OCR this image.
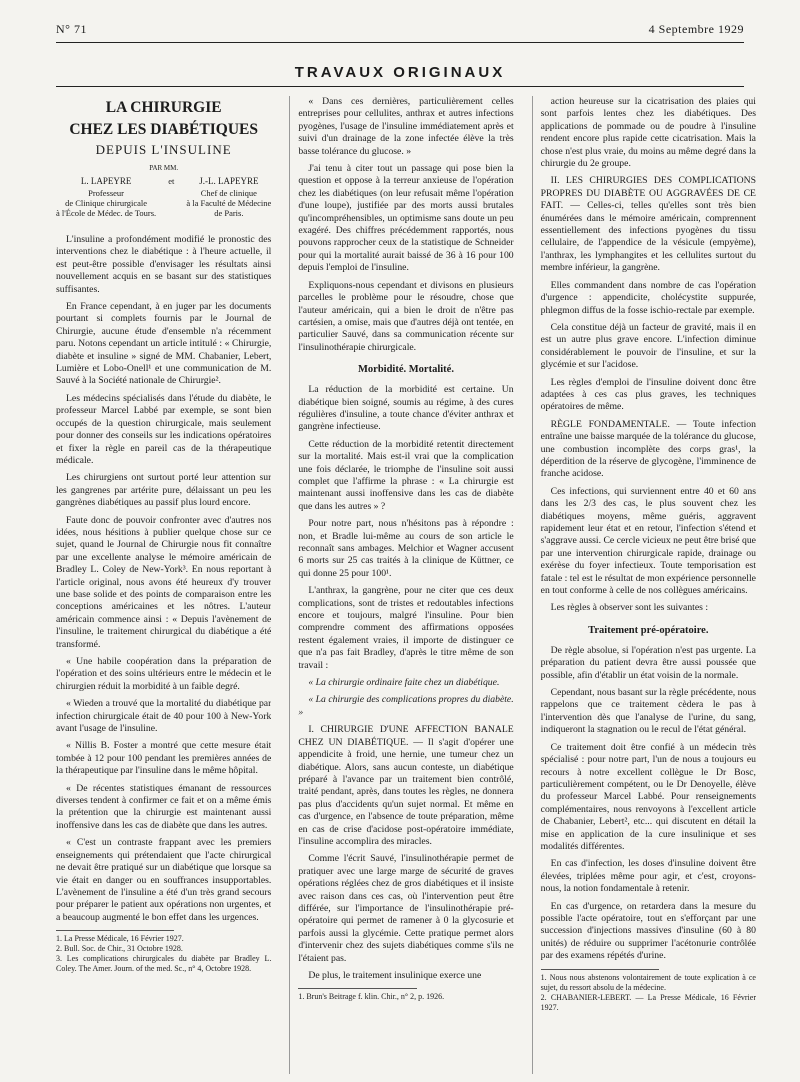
N° 71	4 Septembre 1929
TRAVAUX ORIGINAUX
LA CHIRURGIE
CHEZ LES DIABÉTIQUES
DEPUIS L'INSULINE
PAR MM.
L. LAPEYRE
Professeur
de Clinique chirurgicale
à l'École de Médec. de Tours.
et	J.-L. LAPEYRE
Chef de clinique
à la Faculté de Médecine
de Paris.

L'insuline a profondément modifié le pronostic des interventions chez le diabétique : à l'heure actuelle, il est peut-être possible d'envisager les résultats ainsi nouvellement acquis en se basant sur des statistiques suffisantes.

En France cependant, à en juger par les documents pourtant si complets fournis par le Journal de Chirurgie, aucune étude d'ensemble n'a récemment paru. Notons cependant un article intitulé : « Chirurgie, diabète et insuline » signé de MM. Chabanier, Lebert, Lumière et Lobo-Onell¹ et une communication de M. Sauvé à la Société nationale de Chirurgie².

Les médecins spécialisés dans l'étude du diabète, le professeur Marcel Labbé par exemple, se sont bien occupés de la question chirurgicale, mais seulement pour donner des conseils sur les indications opératoires et fixer la règle en pareil cas de la thérapeutique médicale.

Les chirurgiens ont surtout porté leur attention sur les gangrenes par artérite pure, délaissant un peu les gangrènes diabétiques au passif plus lourd encore.

Faute donc de pouvoir confronter avec d'autres nos idées, nous hésitions à publier quelque chose sur ce sujet, quand le Journal de Chirurgie nous fit connaître par une excellente analyse le mémoire américain de Bradley L. Coley de New-York³. En nous reportant à l'article original, nous avons été heureux d'y trouver une base solide et des points de comparaison entre les conceptions américaines et les nôtres. L'auteur américain commence ainsi : « Depuis l'avènement de l'insuline, le traitement chirurgical du diabétique a été transformé.

« Une habile coopération dans la préparation de l'opération et des soins ultérieurs entre le médecin et le chirurgien réduit la morbidité à un faible degré.

« Wieden a trouvé que la mortalité du diabétique par infection chirurgicale était de 40 pour 100 à New-York avant l'usage de l'insuline.

« Nillis B. Foster a montré que cette mesure était tombée à 12 pour 100 pendant les premières années de la thérapeutique par l'insuline dans le même hôpital.

« De récentes statistiques émanant de ressources diverses tendent à confirmer ce fait et on a même émis la prétention que la chirurgie est maintenant aussi inoffensive dans les cas de diabète que dans les autres.

« C'est un contraste frappant avec les premiers enseignements qui prétendaient que l'acte chirurgical ne devait être pratiqué sur un diabétique que lorsque sa vie était en danger ou en souffrances insupportables. L'avènement de l'insuline a été d'un très grand secours pour préparer le patient aux opérations non urgentes, et a beaucoup augmenté le bon effet dans les urgences.

1. La Presse Médicale, 16 Février 1927.

2. Bull. Soc. de Chir., 31 Octobre 1928.

3. Les complications chirurgicales du diabète par Bradley L. Coley. The Amer. Journ. of the med. Sc., n° 4, Octobre 1928.

« Dans ces dernières, particulièrement celles entreprises pour cellulites, anthrax et autres infections pyogènes, l'usage de l'insuline immédiatement après et suivi d'un drainage de la zone infectée élève la très basse tolérance du glucose. »

J'ai tenu à citer tout un passage qui pose bien la question et oppose à la terreur anxieuse de l'opération chez les diabétiques (on leur refusait même l'opération d'une loupe), justifiée par des morts aussi brutales qu'incompréhensibles, un optimisme sans doute un peu exagéré. Des chiffres précédemment rapportés, nous pouvons rapprocher ceux de la statistique de Schneider pour qui la mortalité aurait baissé de 36 à 16 pour 100 depuis l'emploi de l'insuline.

Expliquons-nous cependant et divisons en plusieurs parcelles le problème pour le résoudre, chose que l'auteur américain, qui a bien le droit de n'être pas cartésien, a omise, mais que d'autres déjà ont tentée, en particulier Sauvé, dans sa communication récente sur l'insulinothérapie chirurgicale.

Morbidité. Mortalité.

La réduction de la morbidité est certaine. Un diabétique bien soigné, soumis au régime, à des cures régulières d'insuline, a toute chance d'éviter anthrax et gangrène infectieuse.

Cette réduction de la morbidité retentit directement sur la mortalité. Mais est-il vrai que la complication une fois déclarée, le triomphe de l'insuline soit aussi complet que l'affirme la phrase : « La chirurgie est maintenant aussi inoffensive dans les cas de diabète que dans les autres » ?

Pour notre part, nous n'hésitons pas à répondre : non, et Bradle lui-même au cours de son article le reconnaît sans ambages. Melchior et Wagner accusent 6 morts sur 25 cas traités à la clinique de Küttner, ce qui donne 25 pour 100¹.

L'anthrax, la gangrène, pour ne citer que ces deux complications, sont de tristes et redoutables infections encore et toujours, malgré l'insuline. Pour bien comprendre comment des affirmations opposées restent également vraies, il importe de distinguer ce que n'a pas fait Bradley, d'après le titre même de son travail :

« La chirurgie ordinaire faite chez un diabétique.

« La chirurgie des complications propres du diabète. »

I. CHIRURGIE D'UNE AFFECTION BANALE CHEZ UN DIABÉTIQUE. — Il s'agit d'opérer une appendicite à froid, une hernie, une tumeur chez un diabétique. Alors, sans aucun conteste, un diabétique préparé à l'avance par un traitement bien contrôlé, traité pendant, après, dans toutes les règles, ne donnera pas plus d'accidents qu'un sujet normal. Et même en cas d'urgence, en l'absence de toute préparation, même en cas de crise d'acidose post-opératoire immédiate, l'insuline accomplira des miracles.

Comme l'écrit Sauvé, l'insulinothérapie permet de pratiquer avec une large marge de sécurité de graves opérations réglées chez de gros diabétiques et il insiste avec raison dans ces cas, où l'intervention peut être différée, sur l'importance de l'insulinothérapie pré-opératoire qui permet de ramener à 0 la glycosurie et parfois aussi la glycémie. Cette pratique permet alors d'intervenir chez des sujets diabétiques comme s'ils ne l'étaient pas.

De plus, le traitement insulinique exerce une

1. Brun's Beitrage f. klin. Chir., n° 2, p. 1926.

action heureuse sur la cicatrisation des plaies qui sont parfois lentes chez les diabétiques. Des applications de pommade ou de poudre à l'insuline rendent encore plus rapide cette cicatrisation. Mais la chose n'est plus vraie, du moins au même degré dans la chirurgie du 2e groupe.

II. LES CHIRURGIES DES COMPLICATIONS PROPRES DU DIABÈTE OU AGGRAVÉES DE CE FAIT. — Celles-ci, telles qu'elles sont très bien énumérées dans le mémoire américain, comprennent essentiellement des infections pyogènes du tissu cellulaire, de l'appendice de la vésicule (empyème), l'anthrax, les lymphangites et les cellulites surtout du membre inférieur, la gangrène.

Elles commandent dans nombre de cas l'opération d'urgence : appendicite, cholécystite suppurée, phlegmon diffus de la fosse ischio-rectale par exemple.

Cela constitue déjà un facteur de gravité, mais il en est un autre plus grave encore. L'infection diminue considérablement le pouvoir de l'insuline, et sur la glycémie et sur l'acidose.

Les règles d'emploi de l'insuline doivent donc être adaptées à ces cas plus graves, les techniques opératoires de même.

RÈGLE FONDAMENTALE. — Toute infection entraîne une baisse marquée de la tolérance du glucose, une combustion incomplète des corps gras¹, la déperdition de la réserve de glycogène, l'imminence de franche acidose.

Ces infections, qui surviennent entre 40 et 60 ans dans les 2/3 des cas, le plus souvent chez les diabétiques moyens, même guéris, aggravent rapidement leur état et en retour, l'infection s'étend et s'aggrave aussi. Ce cercle vicieux ne peut être brisé que par une intervention chirurgicale rapide, drainage ou exérèse du foyer infectieux. Toute temporisation est fatale : tel est le résultat de mon expérience personnelle en tout conforme à celle de nos collègues américains.

Les règles à observer sont les suivantes :

Traitement pré-opératoire.

De règle absolue, si l'opération n'est pas urgente. La préparation du patient devra être aussi poussée que possible, afin d'établir un état voisin de la normale.

Cependant, nous basant sur la règle précédente, nous rappelons que ce traitement cèdera le pas à l'intervention dès que l'analyse de l'urine, du sang, indiqueront la stagnation ou le recul de l'état général.

Ce traitement doit être confié à un médecin très spécialisé : pour notre part, l'un de nous a toujours eu recours à notre excellent collègue le Dr Bosc, particulièrement compétent, ou le Dr Denoyelle, élève du professeur Marcel Labbé. Pour renseignements complémentaires, nous renvoyons à l'excellent article de Chabanier, Lebert², etc... qui discutent en détail la mise en application de la cure insulinique et ses modalités différentes.

En cas d'infection, les doses d'insuline doivent être élevées, triplées même pour agir, et c'est, croyons-nous, la notion fondamentale à retenir.

En cas d'urgence, on retardera dans la mesure du possible l'acte opératoire, tout en s'efforçant par une succession d'injections massives d'insuline (60 à 80 unités) de réduire ou supprimer l'acétonurie contrôlée par des examens répétés d'urine.

1. Nous nous abstenons volontairement de toute explication à ce sujet, du ressort absolu de la médecine.

2. CHABANIER-LEBERT. — La Presse Médicale, 16 Février 1927.
